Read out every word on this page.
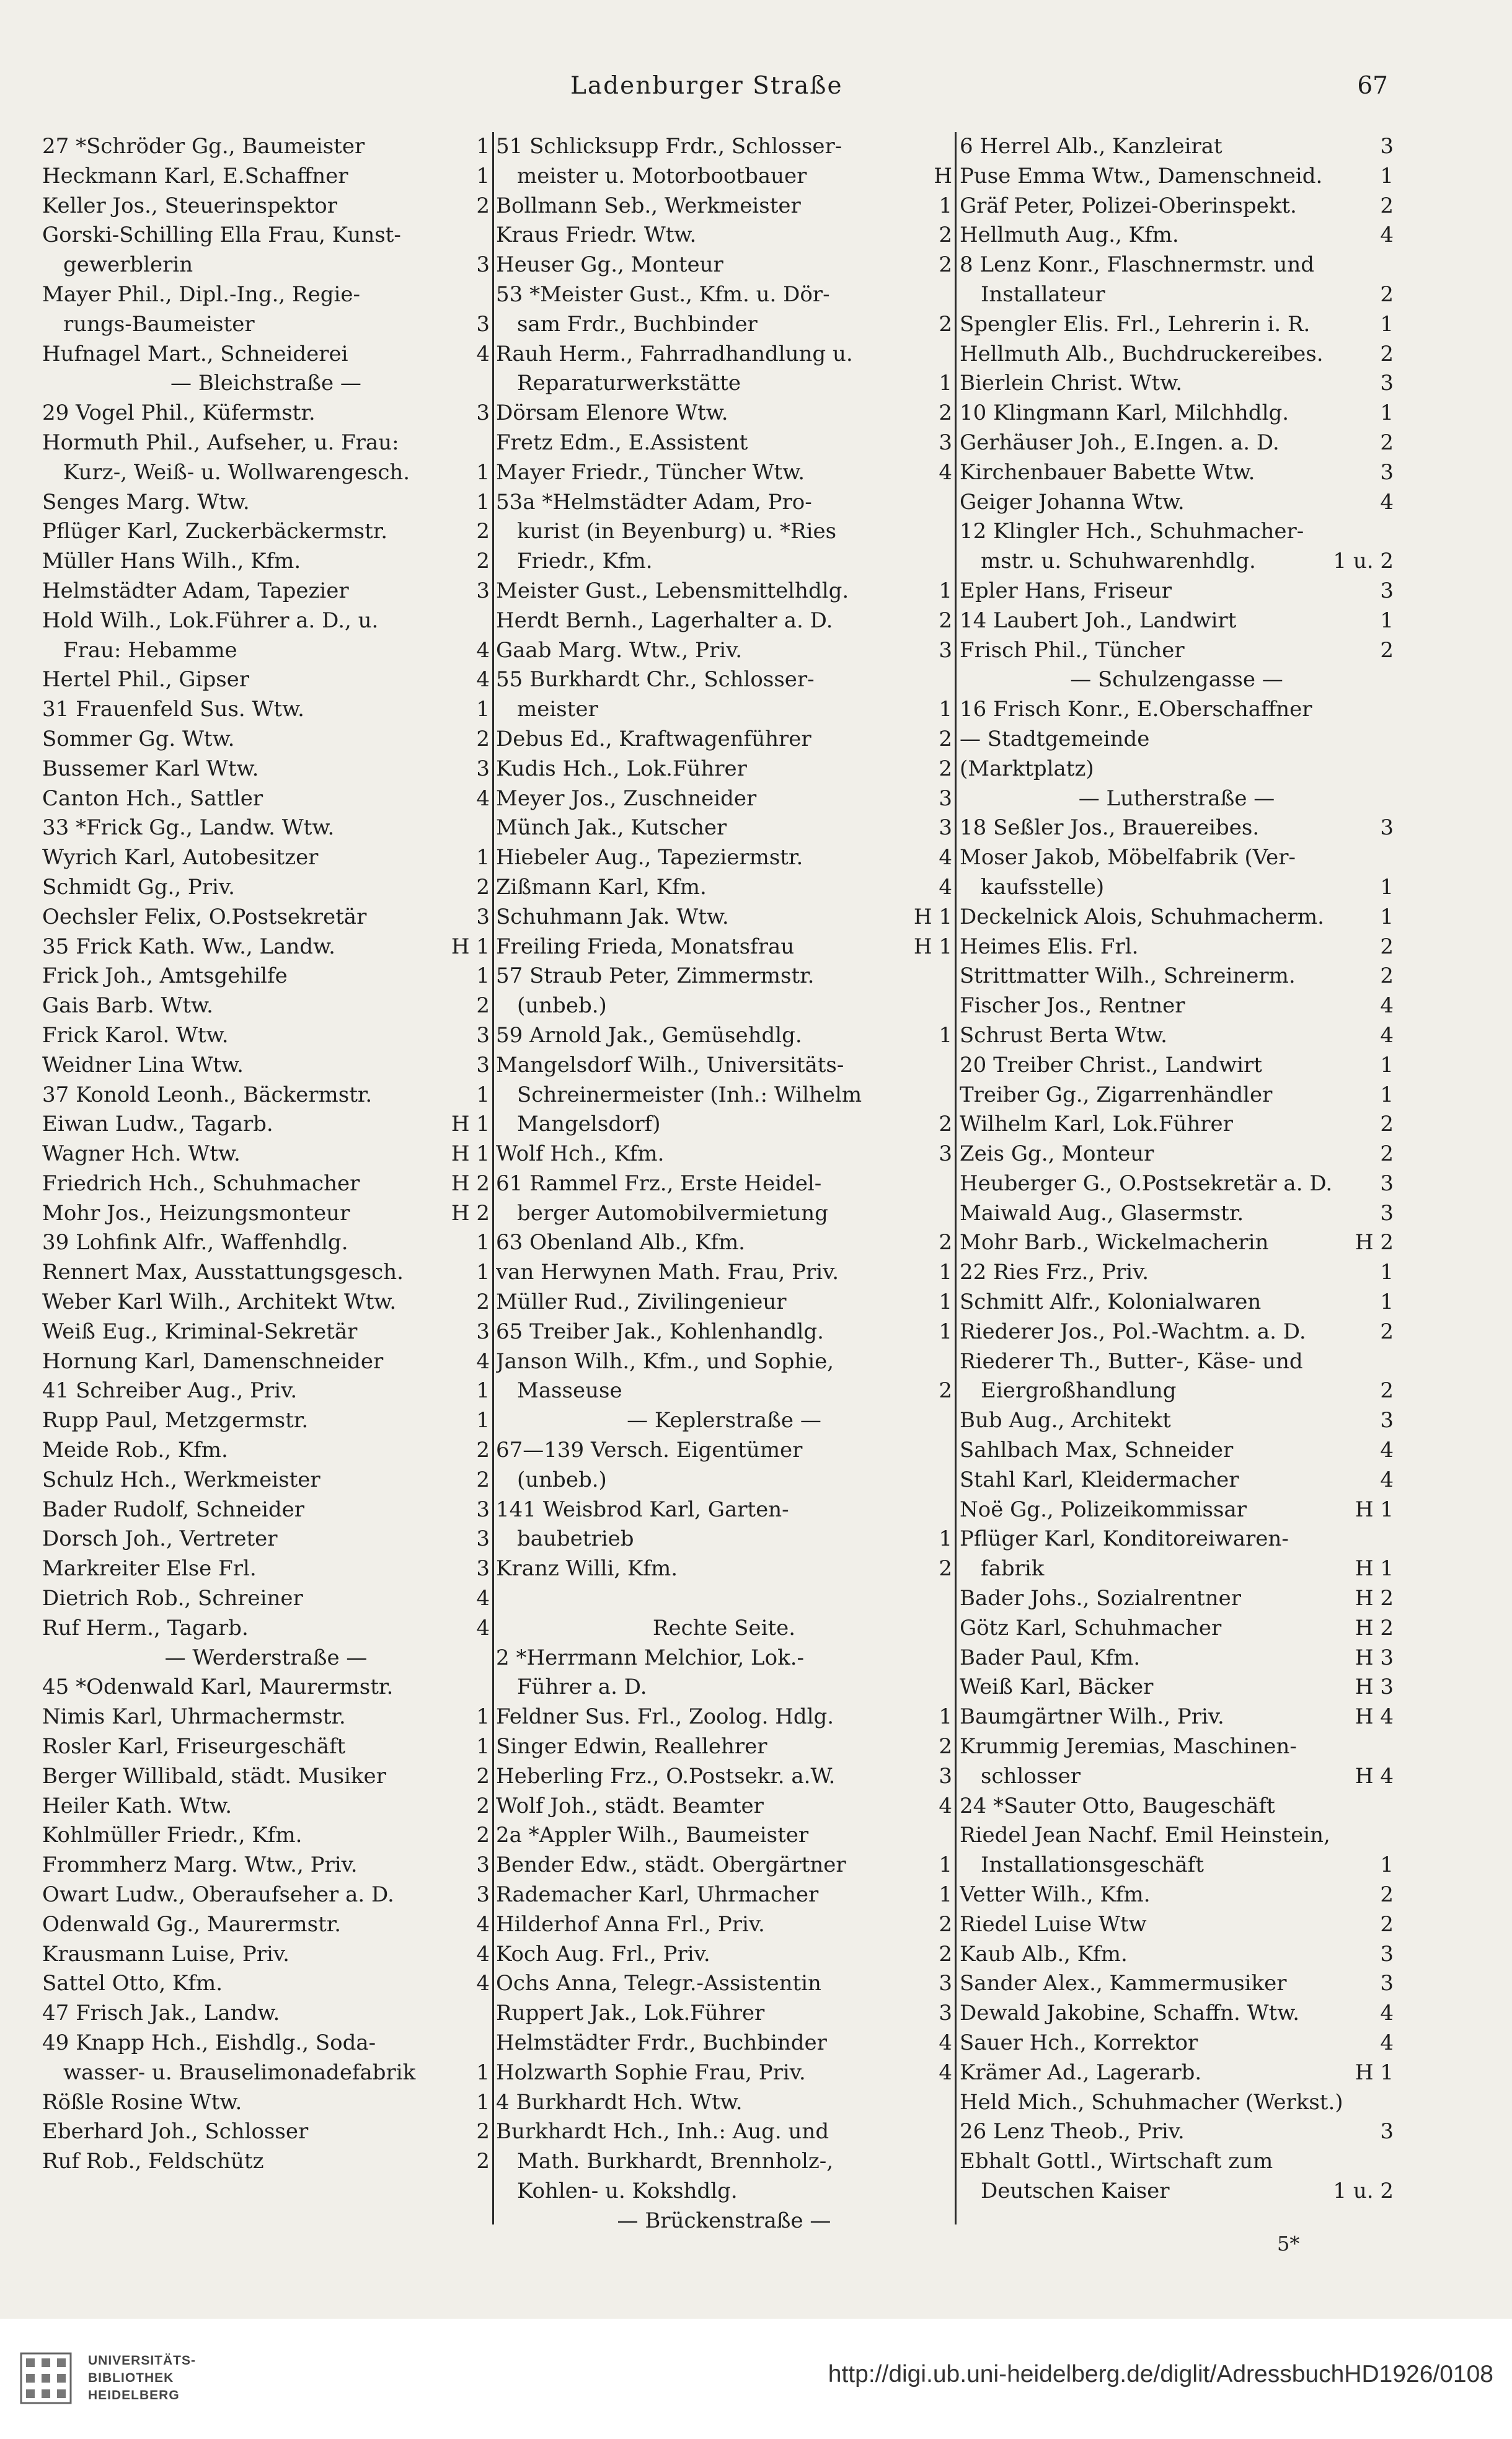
Ladenburger Straße	67
27 *Schröder Gg., Baumeister	1
Heckmann Karl, E.Schaffner	1
Keller Jos., Steuerinspektor	2
Gorski-Schilling Ella Frau, Kunst-
gewerblerin	3
Mayer Phil., Dipl.-Ing., Regie-
rungs-Baumeister	3
Hufnagel Mart., Schneiderei	4
— Bleichstraße —
29 Vogel Phil., Küfermstr.	3
Hormuth Phil., Aufseher, u. Frau:
Kurz-, Weiß- u. Wollwarengesch.	1
Senges Marg. Wtw.	1
Pflüger Karl, Zuckerbäckermstr.	2
Müller Hans Wilh., Kfm.	2
Helmstädter Adam, Tapezier	3
Hold Wilh., Lok.Führer a. D., u.
Frau: Hebamme	4
Hertel Phil., Gipser	4
31 Frauenfeld Sus. Wtw.	1
Sommer Gg. Wtw.	2
Bussemer Karl Wtw.	3
Canton Hch., Sattler	4
33 *Frick Gg., Landw. Wtw.
Wyrich Karl, Autobesitzer	1
Schmidt Gg., Priv.	2
Oechsler Felix, O.Postsekretär	3
35 Frick Kath. Ww., Landw.	H 1
Frick Joh., Amtsgehilfe	1
Gais Barb. Wtw.	2
Frick Karol. Wtw.	3
Weidner Lina Wtw.	3
37 Konold Leonh., Bäckermstr.	1
Eiwan Ludw., Tagarb.	H 1
Wagner Hch. Wtw.	H 1
Friedrich Hch., Schuhmacher	H 2
Mohr Jos., Heizungsmonteur	H 2
39 Lohfink Alfr., Waffenhdlg.	1
Rennert Max, Ausstattungsgesch.	1
Weber Karl Wilh., Architekt Wtw.	2
Weiß Eug., Kriminal-Sekretär	3
Hornung Karl, Damenschneider	4
41 Schreiber Aug., Priv.	1
Rupp Paul, Metzgermstr.	1
Meide Rob., Kfm.	2
Schulz Hch., Werkmeister	2
Bader Rudolf, Schneider	3
Dorsch Joh., Vertreter	3
Markreiter Else Frl.	3
Dietrich Rob., Schreiner	4
Ruf Herm., Tagarb.	4
— Werderstraße —
45 *Odenwald Karl, Maurermstr.
Nimis Karl, Uhrmachermstr.	1
Rosler Karl, Friseurgeschäft	1
Berger Willibald, städt. Musiker	2
Heiler Kath. Wtw.	2
Kohlmüller Friedr., Kfm.	2
Frommherz Marg. Wtw., Priv.	3
Owart Ludw., Oberaufseher a. D.	3
Odenwald Gg., Maurermstr.	4
Krausmann Luise, Priv.	4
Sattel Otto, Kfm.	4
47 Frisch Jak., Landw.
49 Knapp Hch., Eishdlg., Soda-
wasser- u. Brauselimonadefabrik	1
Rößle Rosine Wtw.	1
Eberhard Joh., Schlosser	2
Ruf Rob., Feldschütz	2
51 Schlicksupp Frdr., Schlosser-
meister u. Motorbootbauer	H
Bollmann Seb., Werkmeister	1
Kraus Friedr. Wtw.	2
Heuser Gg., Monteur	2
53 *Meister Gust., Kfm. u. Dör-
sam Frdr., Buchbinder	2
Rauh Herm., Fahrradhandlung u.
Reparaturwerkstätte	1
Dörsam Elenore Wtw.	2
Fretz Edm., E.Assistent	3
Mayer Friedr., Tüncher Wtw.	4
53a *Helmstädter Adam, Pro-
kurist (in Beyenburg) u. *Ries
Friedr., Kfm.
Meister Gust., Lebensmittelhdlg.	1
Herdt Bernh., Lagerhalter a. D.	2
Gaab Marg. Wtw., Priv.	3
55 Burkhardt Chr., Schlosser-
meister	1
Debus Ed., Kraftwagenführer	2
Kudis Hch., Lok.Führer	2
Meyer Jos., Zuschneider	3
Münch Jak., Kutscher	3
Hiebeler Aug., Tapeziermstr.	4
Zißmann Karl, Kfm.	4
Schuhmann Jak. Wtw.	H 1
Freiling Frieda, Monatsfrau	H 1
57 Straub Peter, Zimmermstr.
(unbeb.)
59 Arnold Jak., Gemüsehdlg.	1
Mangelsdorf Wilh., Universitäts-
Schreinermeister (Inh.: Wilhelm
Mangelsdorf)	2
Wolf Hch., Kfm.	3
61 Rammel Frz., Erste Heidel-
berger Automobilvermietung
63 Obenland Alb., Kfm.	2
van Herwynen Math. Frau, Priv.	1
Müller Rud., Zivilingenieur	1
65 Treiber Jak., Kohlenhandlg.	1
Janson Wilh., Kfm., und Sophie,
Masseuse	2
— Keplerstraße —
67—139 Versch. Eigentümer
(unbeb.)
141 Weisbrod Karl, Garten-
baubetrieb	1
Kranz Willi, Kfm.	2
Rechte Seite.
2 *Herrmann Melchior, Lok.-
Führer a. D.
Feldner Sus. Frl., Zoolog. Hdlg.	1
Singer Edwin, Reallehrer	2
Heberling Frz., O.Postsekr. a.W.	3
Wolf Joh., städt. Beamter	4
2a *Appler Wilh., Baumeister
Bender Edw., städt. Obergärtner	1
Rademacher Karl, Uhrmacher	1
Hilderhof Anna Frl., Priv.	2
Koch Aug. Frl., Priv.	2
Ochs Anna, Telegr.-Assistentin	3
Ruppert Jak., Lok.Führer	3
Helmstädter Frdr., Buchbinder	4
Holzwarth Sophie Frau, Priv.	4
4 Burkhardt Hch. Wtw.
Burkhardt Hch., Inh.: Aug. und
Math. Burkhardt, Brennholz-,
Kohlen- u. Kokshdlg.
— Brückenstraße —
6 Herrel Alb., Kanzleirat	3
Puse Emma Wtw., Damenschneid.	1
Gräf Peter, Polizei-Oberinspekt.	2
Hellmuth Aug., Kfm.	4
8 Lenz Konr., Flaschnermstr. und
Installateur	2
Spengler Elis. Frl., Lehrerin i. R.	1
Hellmuth Alb., Buchdruckereibes.	2
Bierlein Christ. Wtw.	3
10 Klingmann Karl, Milchhdlg.	1
Gerhäuser Joh., E.Ingen. a. D.	2
Kirchenbauer Babette Wtw.	3
Geiger Johanna Wtw.	4
12 Klingler Hch., Schuhmacher-
mstr. u. Schuhwarenhdlg.	1 u. 2
Epler Hans, Friseur	3
14 Laubert Joh., Landwirt	1
Frisch Phil., Tüncher	2
— Schulzengasse —
16 Frisch Konr., E.Oberschaffner
— Stadtgemeinde
(Marktplatz)
— Lutherstraße —
18 Seßler Jos., Brauereibes.	3
Moser Jakob, Möbelfabrik (Ver-
kaufsstelle)	1
Deckelnick Alois, Schuhmacherm.	1
Heimes Elis. Frl.	2
Strittmatter Wilh., Schreinerm.	2
Fischer Jos., Rentner	4
Schrust Berta Wtw.	4
20 Treiber Christ., Landwirt	1
Treiber Gg., Zigarrenhändler	1
Wilhelm Karl, Lok.Führer	2
Zeis Gg., Monteur	2
Heuberger G., O.Postsekretär a. D.	3
Maiwald Aug., Glasermstr.	3
Mohr Barb., Wickelmacherin	H 2
22 Ries Frz., Priv.	1
Schmitt Alfr., Kolonialwaren	1
Riederer Jos., Pol.-Wachtm. a. D.	2
Riederer Th., Butter-, Käse- und
Eiergroßhandlung	2
Bub Aug., Architekt	3
Sahlbach Max, Schneider	4
Stahl Karl, Kleidermacher	4
Noë Gg., Polizeikommissar	H 1
Pflüger Karl, Konditoreiwaren-
fabrik	H 1
Bader Johs., Sozialrentner	H 2
Götz Karl, Schuhmacher	H 2
Bader Paul, Kfm.	H 3
Weiß Karl, Bäcker	H 3
Baumgärtner Wilh., Priv.	H 4
Krummig Jeremias, Maschinen-
schlosser	H 4
24 *Sauter Otto, Baugeschäft
Riedel Jean Nachf. Emil Heinstein,
Installationsgeschäft	1
Vetter Wilh., Kfm.	2
Riedel Luise Wtw	2
Kaub Alb., Kfm.	3
Sander Alex., Kammermusiker	3
Dewald Jakobine, Schaffn. Wtw.	4
Sauer Hch., Korrektor	4
Krämer Ad., Lagerarb.	H 1
Held Mich., Schuhmacher (Werkst.)
26 Lenz Theob., Priv.	3
Ebhalt Gottl., Wirtschaft zum
Deutschen Kaiser	1 u. 2
5*
UNIVERSITÄTS-
BIBLIOTHEK
HEIDELBERG
http://digi.ub.uni-heidelberg.de/diglit/AdressbuchHD1926/0108
